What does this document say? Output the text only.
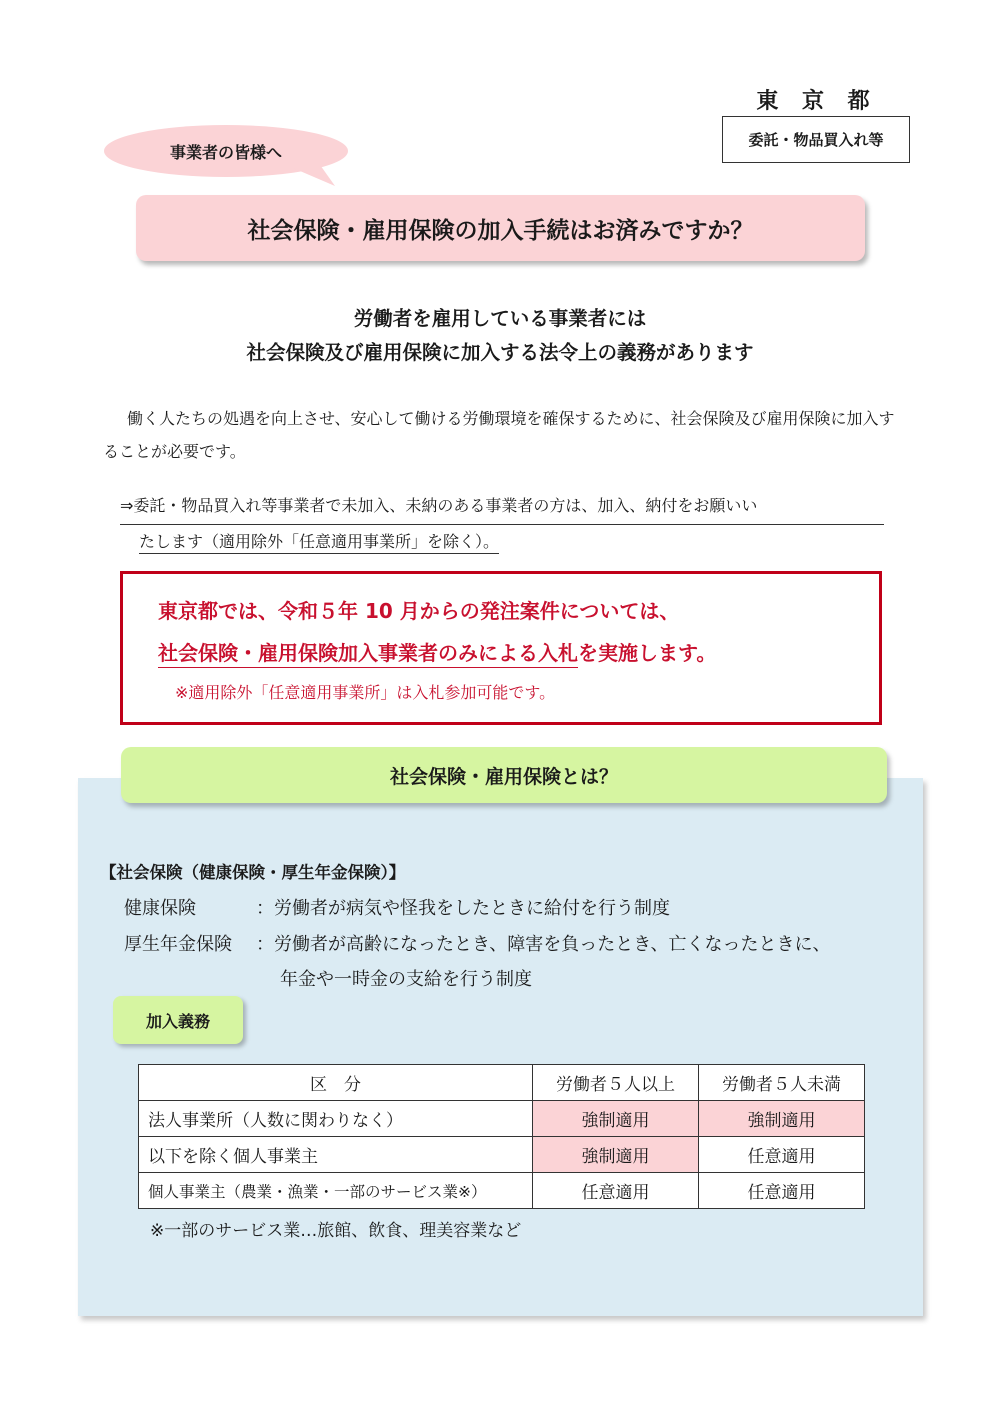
東 京 都
委託・物品買入れ等
事業者の皆様へ
社会保険・雇用保険の加入手続はお済みですか？
労働者を雇用している事業者には
社会保険及び雇用保険に加入する法令上の義務があります
働く人たちの処遇を向上させ、安心して働ける労働環境を確保するために、社会保険及び雇用保険に加入することが必要です。
⇒委託・物品買入れ等事業者で未加入、未納のある事業者の方は、加入、納付をお願いい
たします（適用除外「任意適用事業所」を除く）。
東京都では、令和５年 10 月からの発注案件については、
社会保険・雇用保険加入事業者のみによる入札を実施します。
※適用除外「任意適用事業所」は入札参加可能です。
社会保険・雇用保険とは？
【社会保険（健康保険・厚生年金保険）】
健康保険	：労働者が病気や怪我をしたときに給付を行う制度
厚生年金保険 ：労働者が高齢になったとき、障害を負ったとき、亡くなったときに、
年金や一時金の支給を行う制度
加入義務
区　分	労働者５人以上	労働者５人未満
法人事業所（人数に関わりなく）	強制適用	強制適用
以下を除く個人事業主	強制適用	任意適用
個人事業主（農業・漁業・一部のサービス業※）	任意適用	任意適用
※一部のサービス業…旅館、飲食、理美容業など
